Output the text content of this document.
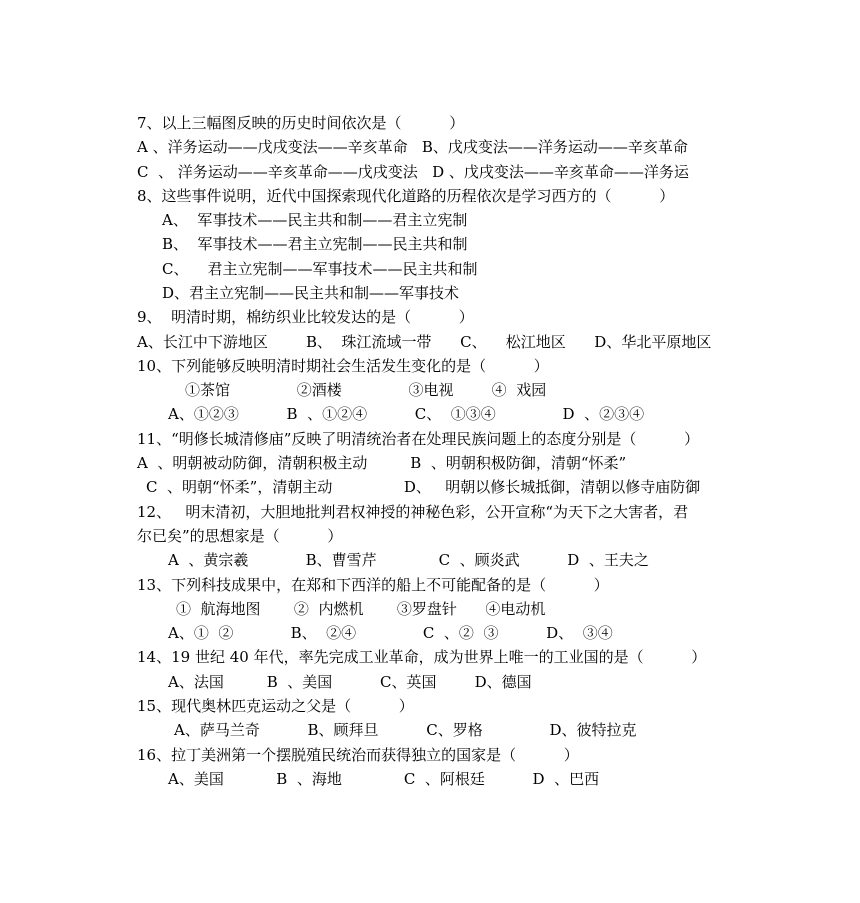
7、以上三幅图反映的历史时间依次是（          ）
A 、洋务运动——戊戌变法——辛亥革命   B、戊戌变法——洋务运动——辛亥革命
C  、 洋务运动——辛亥革命——戊戌变法   D 、戊戌变法——辛亥革命——洋务运
8、这些事件说明，近代中国探索现代化道路的历程依次是学习西方的（          ）
A、  军事技术——民主共和制——君主立宪制
B、  军事技术——君主立宪制——民主共和制
C、    君主立宪制——军事技术——民主共和制
D、君主立宪制——民主共和制——军事技术
9、  明清时期，棉纺织业比较发达的是（          ）
A、长江中下游地区        B、  珠江流域一带      C、    松江地区      D、华北平原地区
10、下列能够反映明清时期社会生活发生变化的是（          ）
①茶馆              ②酒楼              ③电视        ④  戏园
A、①②③          B  、①②④          C、  ①③④              D  、②③④
11、“明修长城清修庙”反映了明清统治者在处理民族问题上的态度分别是（          ）
A  、明朝被动防御，清朝积极主动         B  、明朝积极防御，清朝“怀柔”
C  、明朝“怀柔”，清朝主动               D、   明朝以修长城抵御，清朝以修寺庙防御
12、   明末清初，大胆地批判君权神授的神秘色彩，公开宣称“为天下之大害者，君
尔已矣”的思想家是（          ）
A  、黄宗羲            B、曹雪芹             C  、顾炎武          D  、王夫之
13、下列科技成果中，在郑和下西洋的船上不可能配备的是（          ）
①  航海地图       ②  内燃机       ③罗盘针      ④电动机
A、①  ②            B、  ②④              C  、②  ③          D、  ③④
14、19 世纪 40 年代，率先完成工业革命，成为世界上唯一的工业国的是（          ）
A、法国         B  、美国          C、英国        D、德国
15、现代奥林匹克运动之父是（          ）
A、萨马兰奇          B、顾拜旦          C、罗格              D、彼特拉克
16、拉丁美洲第一个摆脱殖民统治而获得独立的国家是（          ）
A、美国           B  、海地             C  、阿根廷          D  、巴西
